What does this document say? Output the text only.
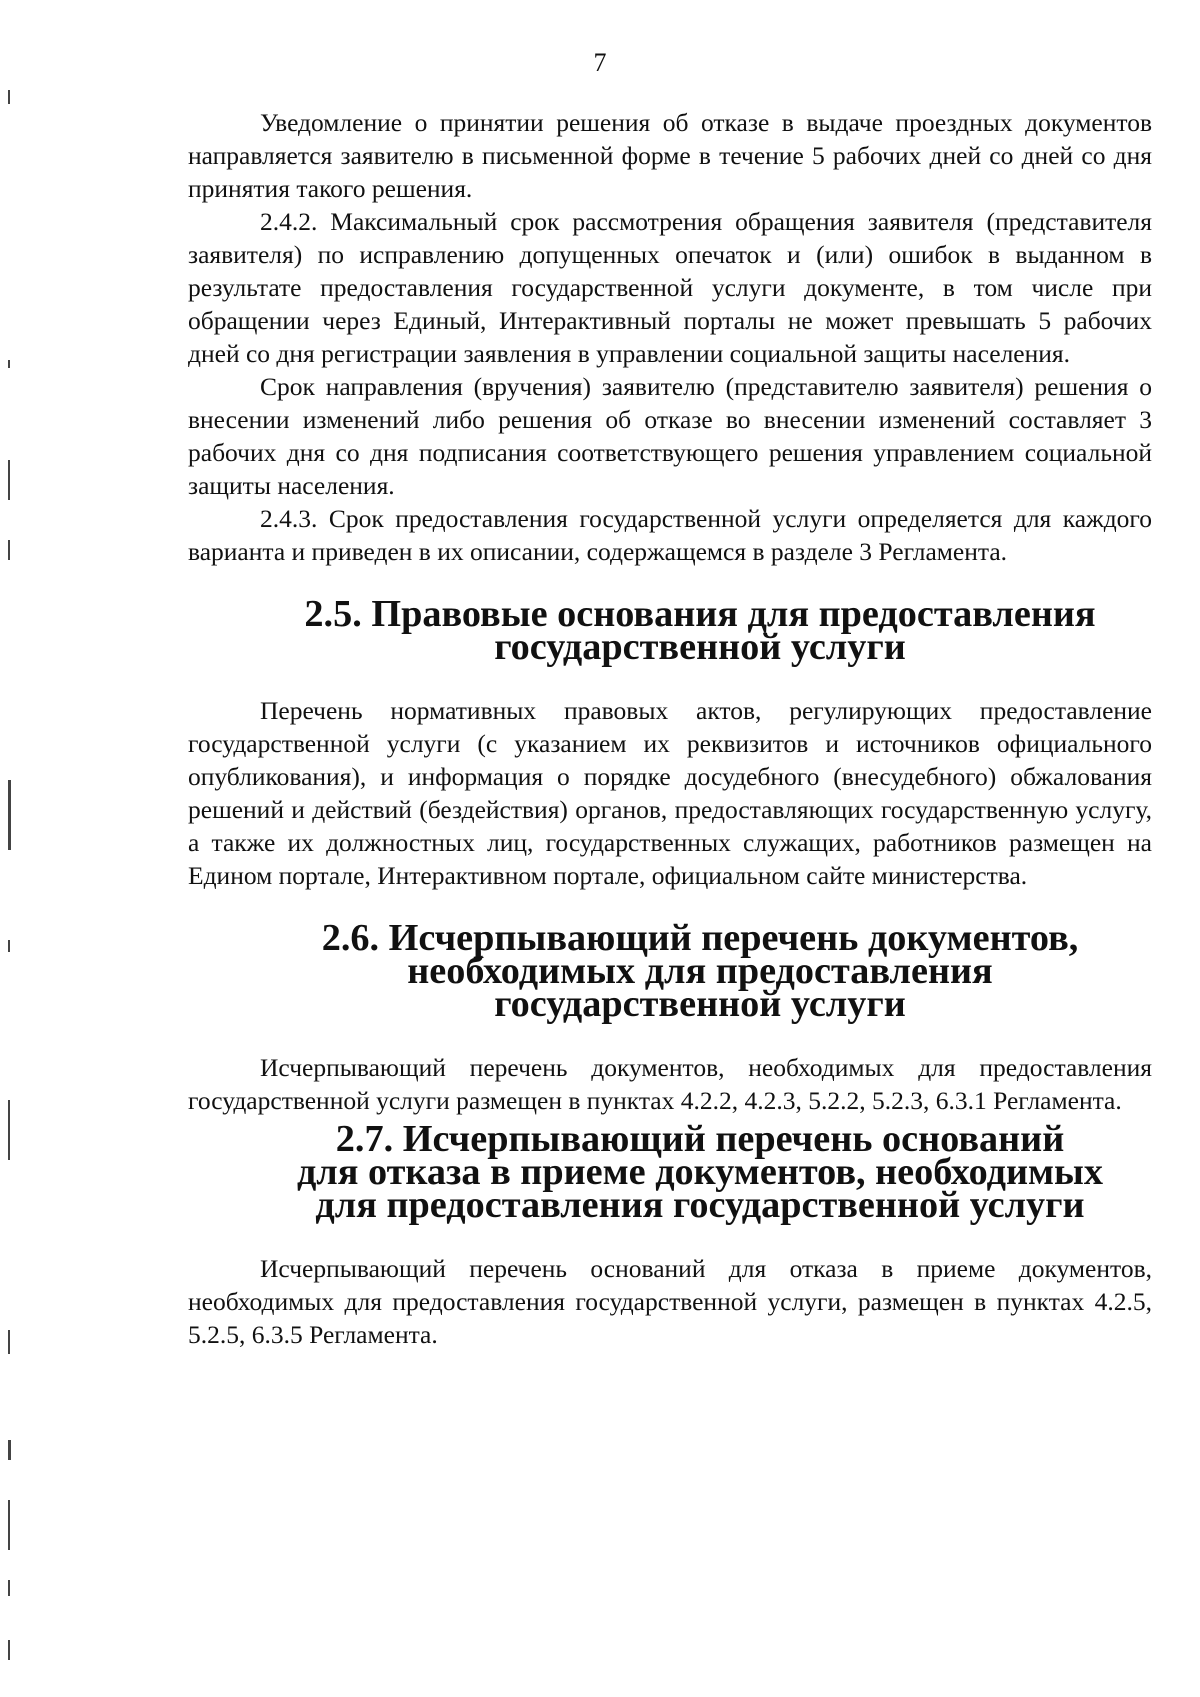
7

Уведомление о принятии решения об отказе в выдаче проездных документов направляется заявителю в письменной форме в течение 5 рабочих дней со дней со дня принятия такого решения.

2.4.2. Максимальный срок рассмотрения обращения заявителя (представителя заявителя) по исправлению допущенных опечаток и (или) ошибок в выданном в результате предоставления государственной услуги документе, в том числе при обращении через Единый, Интерактивный порталы не может превышать 5 рабочих дней со дня регистрации заявления в управлении социальной защиты населения.

Срок направления (вручения) заявителю (представителю заявителя) решения о внесении изменений либо решения об отказе во внесении изменений составляет 3 рабочих дня со дня подписания соответствующего решения управлением социальной защиты населения.

2.4.3. Срок предоставления государственной услуги определяется для каждого варианта и приведен в их описании, содержащемся в разделе 3 Регламента.

2.5. Правовые основания для предоставления
государственной услуги

Перечень нормативных правовых актов, регулирующих предоставление государственной услуги (с указанием их реквизитов и источников официального опубликования), и информация о порядке досудебного (внесудебного) обжалования решений и действий (бездействия) органов, предоставляющих государственную услугу, а также их должностных лиц, государственных служащих, работников размещен на Едином портале, Интерактивном портале, официальном сайте министерства.

2.6. Исчерпывающий перечень документов,
необходимых для предоставления
государственной услуги

Исчерпывающий перечень документов, необходимых для предоставления государственной услуги размещен в пунктах 4.2.2, 4.2.3, 5.2.2, 5.2.3, 6.3.1 Регламента.

2.7. Исчерпывающий перечень оснований
для отказа в приеме документов, необходимых
для предоставления государственной услуги

Исчерпывающий перечень оснований для отказа в приеме документов, необходимых для предоставления государственной услуги, размещен в пунктах 4.2.5, 5.2.5, 6.3.5 Регламента.
